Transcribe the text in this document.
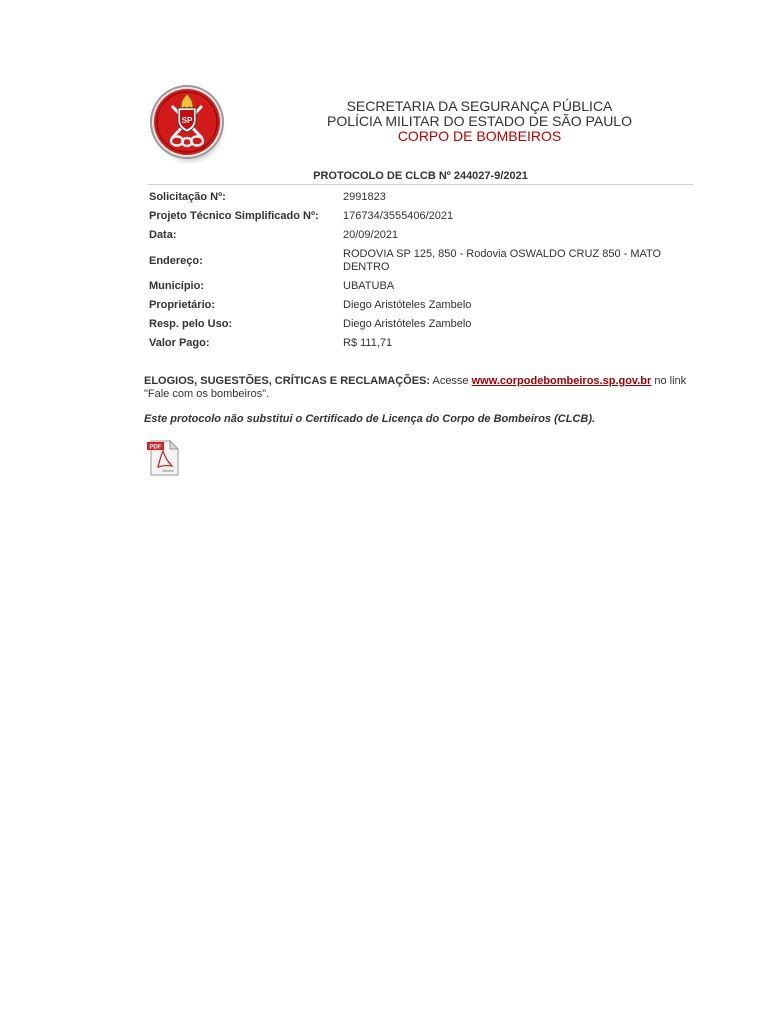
SP
SECRETARIA DA SEGURANÇA PÚBLICA
POLÍCIA MILITAR DO ESTADO DE SÃO PAULO
CORPO DE BOMBEIROS
PROTOCOLO DE CLCB Nº 244027-9/2021
Solicitação Nº:	2991823
Projeto Técnico Simplificado Nº:	176734/3555406/2021
Data:	20/09/2021
Endereço:	RODOVIA SP 125, 850 - Rodovia OSWALDO CRUZ 850 - MATO DENTRO
Município:	UBATUBA
Proprietário:	Diego Aristóteles Zambelo
Resp. pelo Uso:	Diego Aristóteles Zambelo
Valor Pago:	R$ 111,71
ELOGIOS, SUGESTÕES, CRÍTICAS E RECLAMAÇÕES: Acesse www.corpodebombeiros.sp.gov.br no link "Fale com os bombeiros".
Este protocolo não substitui o Certificado de Licença do Corpo de Bombeiros (CLCB).
PDF
Adobe
